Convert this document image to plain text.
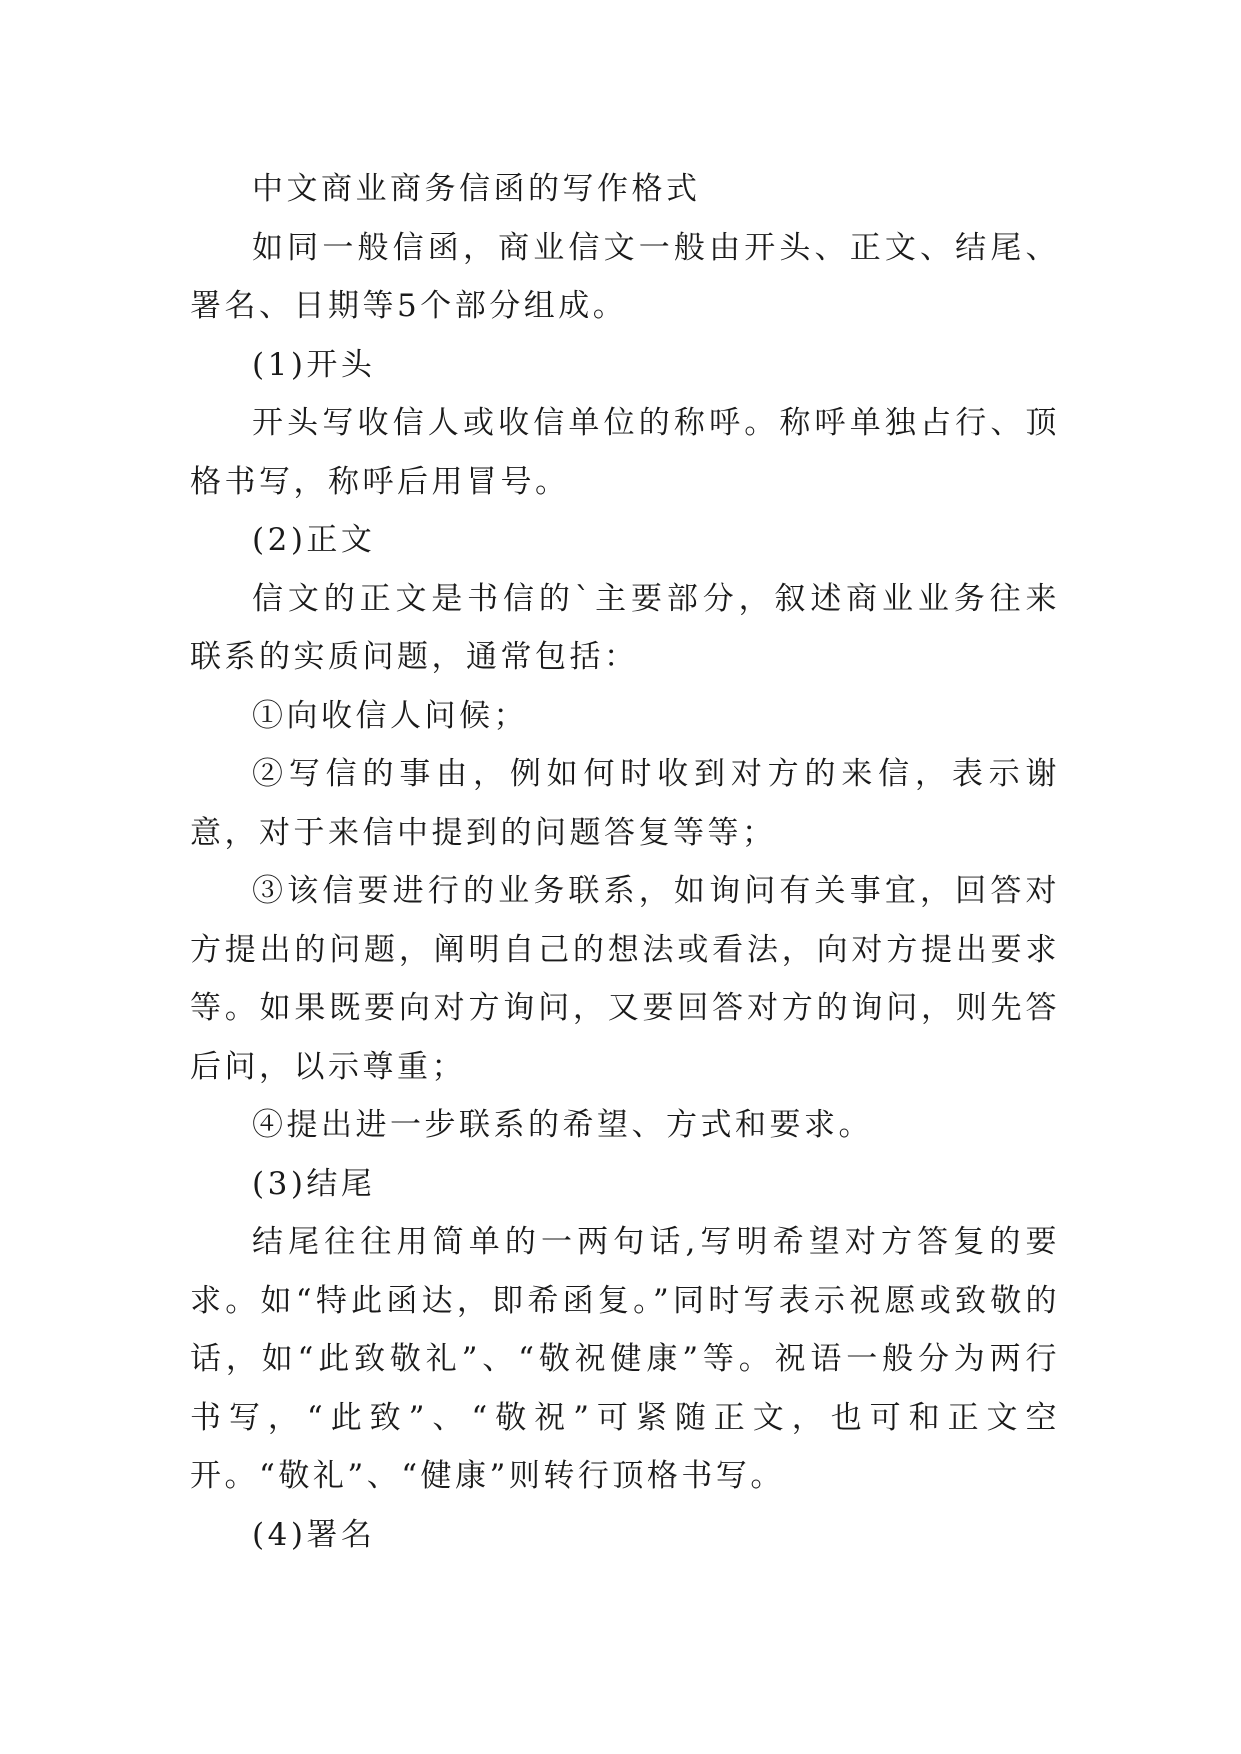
中文商业商务信函的写作格式

如同一般信函，商业信文一般由开头、正文、结尾、署名、日期等5个部分组成。

(1)开头

开头写收信人或收信单位的称呼。称呼单独占行、顶格书写，称呼后用冒号。

(2)正文

信文的正文是书信的`主要部分，叙述商业业务往来联系的实质问题，通常包括：

①向收信人问候；

②写信的事由，例如何时收到对方的来信，表示谢意，对于来信中提到的问题答复等等；

③该信要进行的业务联系，如询问有关事宜，回答对方提出的问题，阐明自己的想法或看法，向对方提出要求等。如果既要向对方询问，又要回答对方的询问，则先答后问，以示尊重；

④提出进一步联系的希望、方式和要求。

(3)结尾

结尾往往用简单的一两句话,写明希望对方答复的要求。如“特此函达，即希函复。”同时写表示祝愿或致敬的话，如“此致敬礼”、“敬祝健康”等。祝语一般分为两行书写，“此致”、“敬祝”可紧随正文，也可和正文空开。“敬礼”、“健康”则转行顶格书写。

(4)署名
